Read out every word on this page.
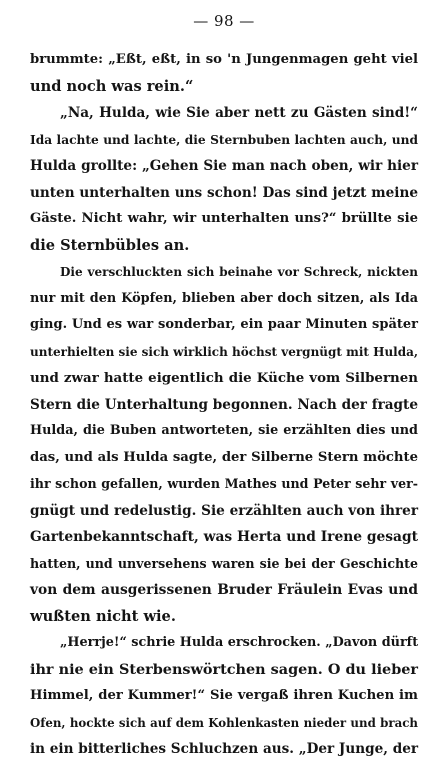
— 98 —
brummte: „Eßt, eßt, in so 'n Jungenmagen geht viel
und noch was rein.“
„Na, Hulda, wie Sie aber nett zu Gästen sind!“
Ida lachte und lachte, die Sternbuben lachten auch, und
Hulda grollte: „Gehen Sie man nach oben, wir hier
unten unterhalten uns schon! Das sind jetzt meine
Gäste. Nicht wahr, wir unterhalten uns?“ brüllte sie
die Sternbübles an.
Die verschluckten sich beinahe vor Schreck, nickten
nur mit den Köpfen, blieben aber doch sitzen, als Ida
ging. Und es war sonderbar, ein paar Minuten später
unterhielten sie sich wirklich höchst vergnügt mit Hulda,
und zwar hatte eigentlich die Küche vom Silbernen
Stern die Unterhaltung begonnen. Nach der fragte
Hulda, die Buben antworteten, sie erzählten dies und
das, und als Hulda sagte, der Silberne Stern möchte
ihr schon gefallen, wurden Mathes und Peter sehr ver-
gnügt und redelustig. Sie erzählten auch von ihrer
Gartenbekanntschaft, was Herta und Irene gesagt
hatten, und unversehens waren sie bei der Geschichte
von dem ausgerissenen Bruder Fräulein Evas und
wußten nicht wie.
„Herrje!“ schrie Hulda erschrocken. „Davon dürft
ihr nie ein Sterbenswörtchen sagen. O du lieber
Himmel, der Kummer!“ Sie vergaß ihren Kuchen im
Ofen, hockte sich auf dem Kohlenkasten nieder und brach
in ein bitterliches Schluchzen aus. „Der Junge, der
